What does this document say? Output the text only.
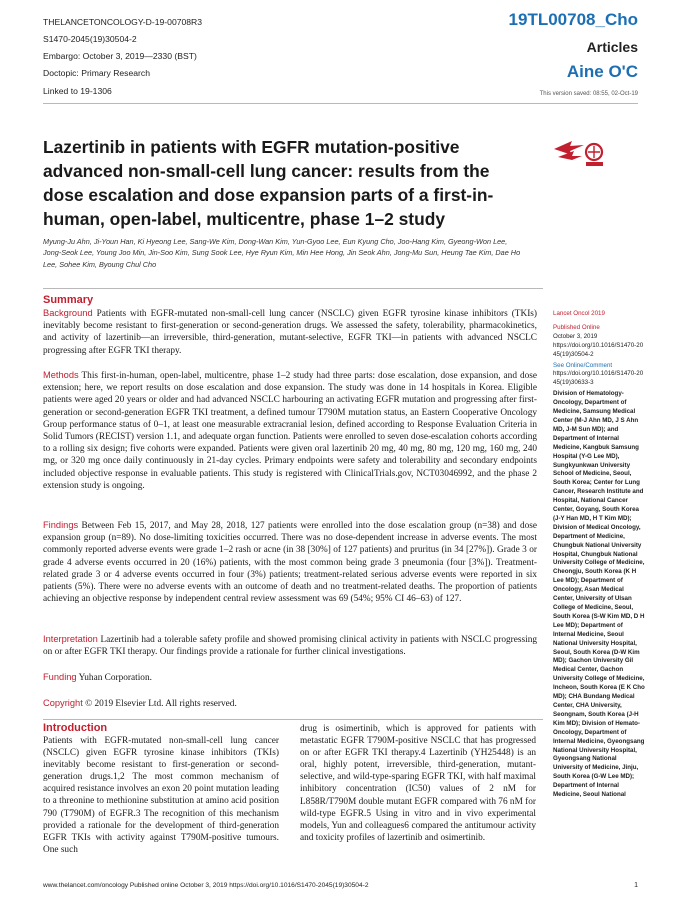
THELANCETONCOLOGY-D-19-00708R3
S1470-2045(19)30504-2
Embargo: October 3, 2019—2330 (BST)
Doctopic: Primary Research
Linked to 19-1306
19TL00708_Cho
Articles
Aine O'C
This version saved: 08:55, 02-Oct-19
Lazertinib in patients with EGFR mutation-positive advanced non-small-cell lung cancer: results from the dose escalation and dose expansion parts of a first-in-human, open-label, multicentre, phase 1–2 study
Myung-Ju Ahn, Ji-Youn Han, Ki Hyeong Lee, Sang-We Kim, Dong-Wan Kim, Yun-Gyoo Lee, Eun Kyung Cho, Joo-Hang Kim, Gyeong-Won Lee, Jong-Seok Lee, Young Joo Min, Jin-Soo Kim, Sung Sook Lee, Hye Ryun Kim, Min Hee Hong, Jin Seok Ahn, Jong-Mu Sun, Heung Tae Kim, Dae Ho Lee, Sohee Kim, Byoung Chul Cho
Summary
Background Patients with EGFR-mutated non-small-cell lung cancer (NSCLC) given EGFR tyrosine kinase inhibitors (TKIs) inevitably become resistant to first-generation or second-generation drugs. We assessed the safety, tolerability, pharmacokinetics, and activity of lazertinib—an irreversible, third-generation, mutant-selective, EGFR TKI—in patients with advanced NSCLC progressing after EGFR TKI therapy.
Methods This first-in-human, open-label, multicentre, phase 1–2 study had three parts: dose escalation, dose expansion, and dose extension; here, we report results on dose escalation and dose expansion. The study was done in 14 hospitals in Korea. Eligible patients were aged 20 years or older and had advanced NSCLC harbouring an activating EGFR mutation and progressing after first-generation or second-generation EGFR TKI treatment, a defined tumour T790M mutation status, an Eastern Cooperative Oncology Group performance status of 0–1, at least one measurable extracranial lesion, defined according to Response Evaluation Criteria in Solid Tumors (RECIST) version 1.1, and adequate organ function. Patients were enrolled to seven dose-escalation cohorts according to a rolling six design; five cohorts were expanded. Patients were given oral lazertinib 20 mg, 40 mg, 80 mg, 120 mg, 160 mg, 240 mg, or 320 mg once daily continuously in 21-day cycles. Primary endpoints were safety and tolerability and secondary endpoints included objective response in evaluable patients. This study is registered with ClinicalTrials.gov, NCT03046992, and the phase 2 extension study is ongoing.
Findings Between Feb 15, 2017, and May 28, 2018, 127 patients were enrolled into the dose escalation group (n=38) and dose expansion group (n=89). No dose-limiting toxicities occurred. There was no dose-dependent increase in adverse events. The most commonly reported adverse events were grade 1–2 rash or acne (in 38 [30%] of 127 patients) and pruritus (in 34 [27%]). Grade 3 or grade 4 adverse events occurred in 20 (16%) patients, with the most common being grade 3 pneumonia (four [3%]). Treatment-related grade 3 or 4 adverse events occurred in four (3%) patients; treatment-related serious adverse events were reported in six patients (5%). There were no adverse events with an outcome of death and no treatment-related deaths. The proportion of patients achieving an objective response by independent central review assessment was 69 (54%; 95% CI 46–63) of 127.
Interpretation Lazertinib had a tolerable safety profile and showed promising clinical activity in patients with NSCLC progressing on or after EGFR TKI therapy. Our findings provide a rationale for further clinical investigations.
Funding Yuhan Corporation.
Copyright © 2019 Elsevier Ltd. All rights reserved.
Lancet Oncol 2019
Published Online
October 3, 2019
https://doi.org/10.1016/S1470-2045(19)30504-2
See Online/Comment
https://doi.org/10.1016/S1470-2045(19)30633-3
Division of Hematology-Oncology, Department of Medicine, Samsung Medical Center (M-J Ahn MD, J S Ahn MD, J-M Sun MD); and Department of Internal Medicine, Kangbuk Samsung Hospital (Y-G Lee MD), Sungkyunkwan University School of Medicine, Seoul, South Korea; Center for Lung Cancer, Research Institute and Hospital, National Cancer Center, Goyang, South Korea (J-Y Han MD, H T Kim MD); Division of Medical Oncology, Department of Medicine, Chungbuk National University Hospital, Chungbuk National University College of Medicine, Cheongju, South Korea (K H Lee MD); Department of Oncology, Asan Medical Center, University of Ulsan College of Medicine, Seoul, South Korea (S-W Kim MD, D H Lee MD); Department of Internal Medicine, Seoul National University Hospital, Seoul, South Korea (D-W Kim MD); Gachon University Gil Medical Center, Gachon University College of Medicine, Incheon, South Korea (E K Cho MD); CHA Bundang Medical Center, CHA University, Seongnam, South Korea (J-H Kim MD); Division of Hemato-Oncology, Department of Internal Medicine, Gyeongsang National University Hospital, Gyeongsang National University of Medicine, Jinju, South Korea (G-W Lee MD); Department of Internal Medicine, Seoul National
Introduction
Patients with EGFR-mutated non-small-cell lung cancer (NSCLC) given EGFR tyrosine kinase inhibitors (TKIs) inevitably become resistant to first-generation or second-generation drugs.1,2 The most common mechanism of acquired resistance involves an exon 20 point mutation leading to a threonine to methionine substitution at amino acid position 790 (T790M) of EGFR.3 The recognition of this mechanism provided a rationale for the development of third-generation EGFR TKIs with activity against T790M-positive tumours. One such
drug is osimertinib, which is approved for patients with metastatic EGFR T790M-positive NSCLC that has progressed on or after EGFR TKI therapy.4 Lazertinib (YH25448) is an oral, highly potent, irreversible, third-generation, mutant-selective, and wild-type-sparing EGFR TKI, with half maximal inhibitory concentration (IC50) values of 2 nM for L858R/T790M double mutant EGFR compared with 76 nM for wild-type EGFR.5 Using in vitro and in vivo experimental models, Yun and colleagues6 compared the antitumour activity and toxicity profiles of lazertinib and osimertinib.
www.thelancet.com/oncology Published online October 3, 2019 https://doi.org/10.1016/S1470-2045(19)30504-2	1
